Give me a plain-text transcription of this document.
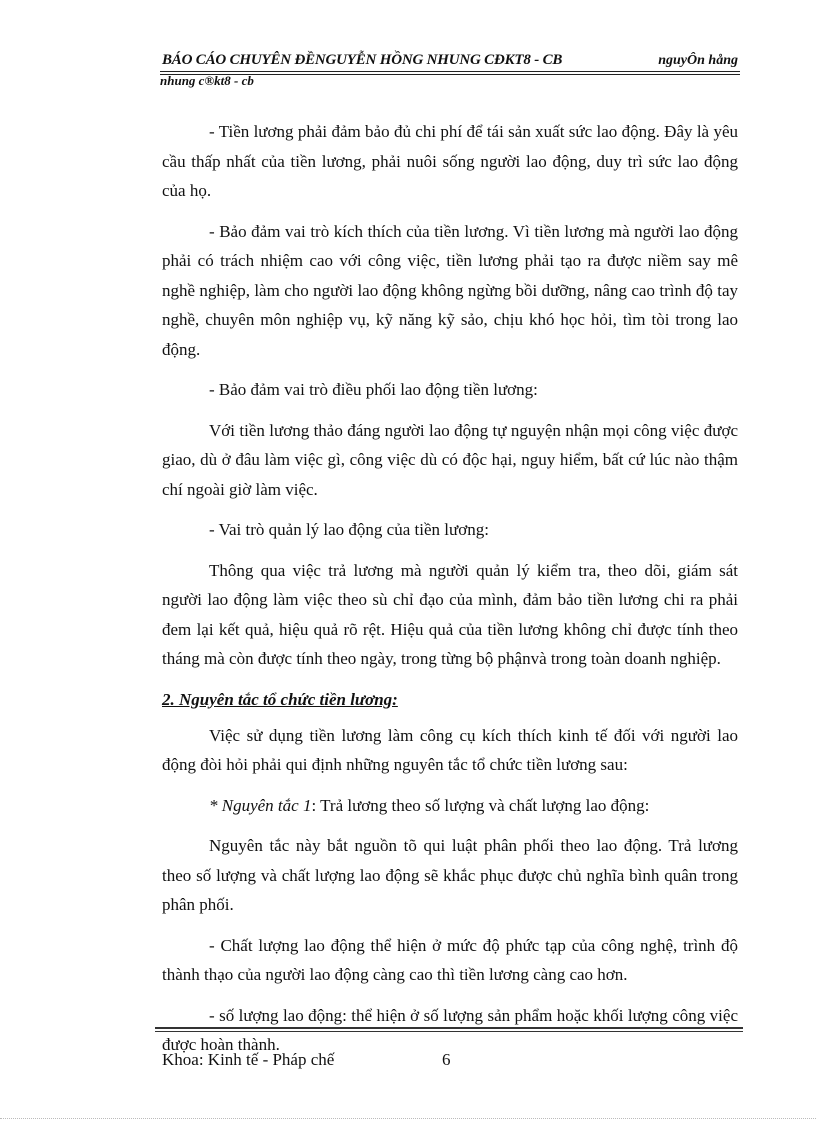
BÁO CÁO CHUYÊN ĐỀNGUYỄN HỒNG NHUNG CĐKT8 - CB	nguyÔn hång
nhung c®kt8 - cb

- Tiền lương phải đảm bảo đủ chi phí để tái sản xuất sức lao động. Đây là yêu cầu thấp nhất của tiền lương, phải nuôi sống người lao động, duy trì sức lao động của họ.

- Bảo đảm vai trò kích thích của tiền lương. Vì tiền lương mà người lao động phải có trách nhiệm cao với công việc, tiền lương phải tạo ra được niềm say mê nghề nghiệp, làm cho người lao động không ngừng bồi dưỡng, nâng cao trình độ tay nghề, chuyên môn nghiệp vụ, kỹ năng kỹ sảo, chịu khó học hỏi, tìm tòi trong lao động.

- Bảo đảm vai trò điều phối lao động tiền lương:

Với tiền lương thảo đáng người lao động tự nguyện nhận mọi công việc được giao, dù ở đâu làm việc gì, công việc dù có độc hại, nguy hiểm, bất cứ lúc nào thậm chí ngoài giờ làm việc.

- Vai trò quản lý lao động của tiền lương:

Thông qua việc trả lương mà người quản lý kiểm tra, theo dõi, giám sát người lao động làm việc theo sù chỉ đạo của mình, đảm bảo tiền lương chi ra phải đem lại kết quả, hiệu quả rõ rệt. Hiệu quả của tiền lương không chỉ được tính theo tháng mà còn được tính theo ngày, trong từng bộ phậnvà trong toàn doanh nghiệp.

2. Nguyên tắc tổ chức tiền lương:

Việc sử dụng tiền lương làm công cụ kích thích kinh tế đối với người lao động đòi hỏi phải qui định những nguyên tắc tổ chức tiền lương sau:

* Nguyên tắc 1: Trả lương theo số lượng và chất lượng lao động:

Nguyên tắc này bắt nguồn tõ qui luật phân phối theo lao động. Trả lương theo số lượng và chất lượng lao động sẽ khắc phục được chủ nghĩa bình quân trong phân phối.

- Chất lượng lao động thể hiện ở mức độ phức tạp của công nghệ, trình độ thành thạo của người lao động càng cao thì tiền lương càng cao hơn.

- số lượng lao động: thể hiện ở số lượng sản phẩm hoặc khối lượng công việc được hoàn thành.

Khoa: Kinh tế - Pháp chế	6
